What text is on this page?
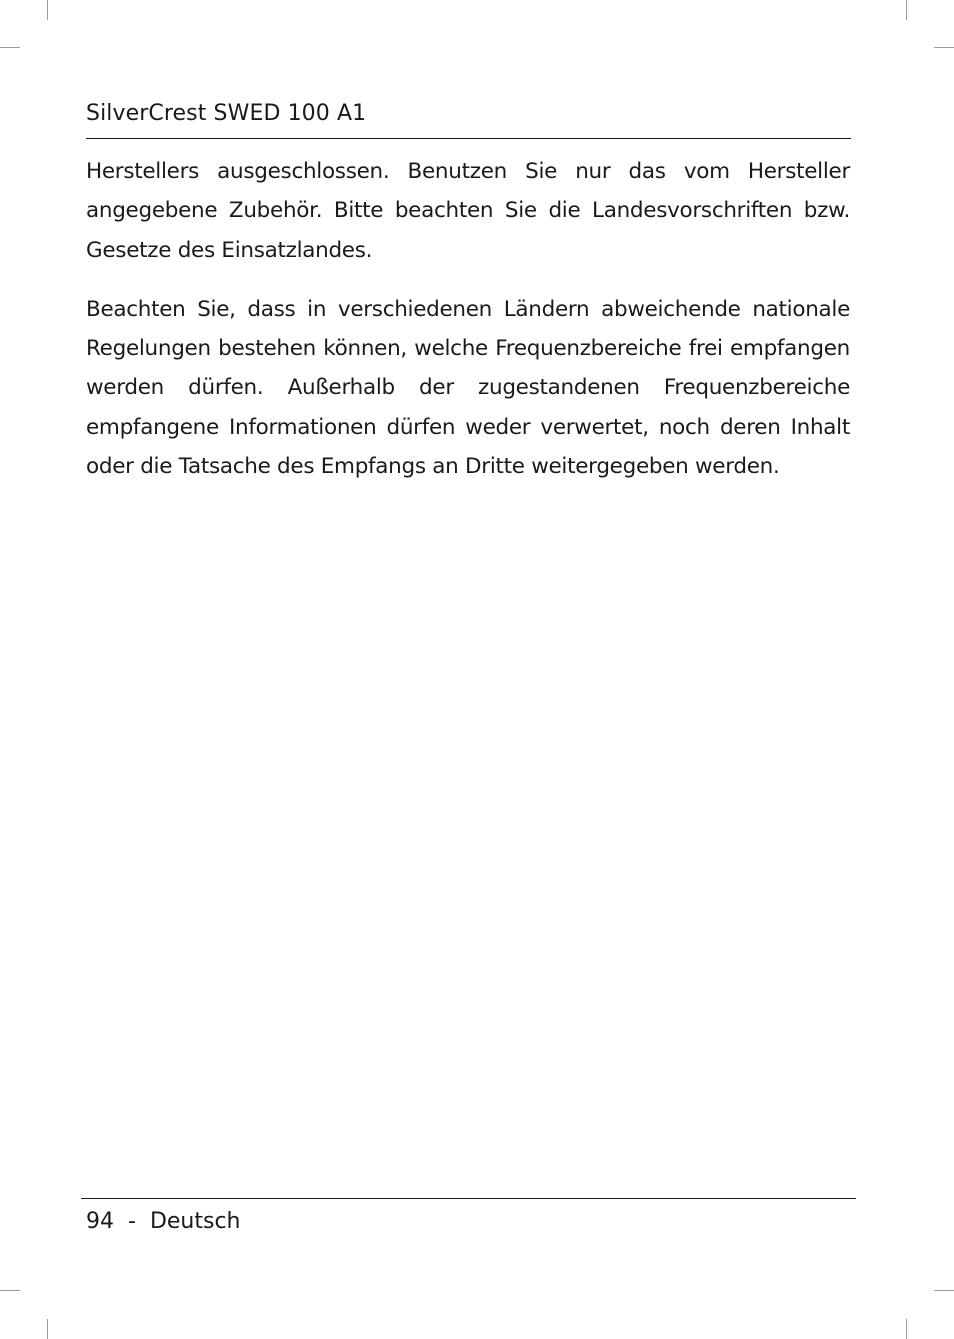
SilverCrest SWED 100 A1

Herstellers ausgeschlossen. Benutzen Sie nur das vom Hersteller angegebene Zubehör. Bitte beachten Sie die Landesvorschriften bzw. Gesetze des Einsatzlandes.

Beachten Sie, dass in verschiedenen Ländern abweichende nationale Regelungen bestehen können, welche Frequenzbereiche frei empfangen werden dürfen. Außerhalb der zugestandenen Frequenzbereiche empfangene Informationen dürfen weder verwertet, noch deren Inhalt oder die Tatsache des Empfangs an Dritte weitergegeben werden.

94 - Deutsch
